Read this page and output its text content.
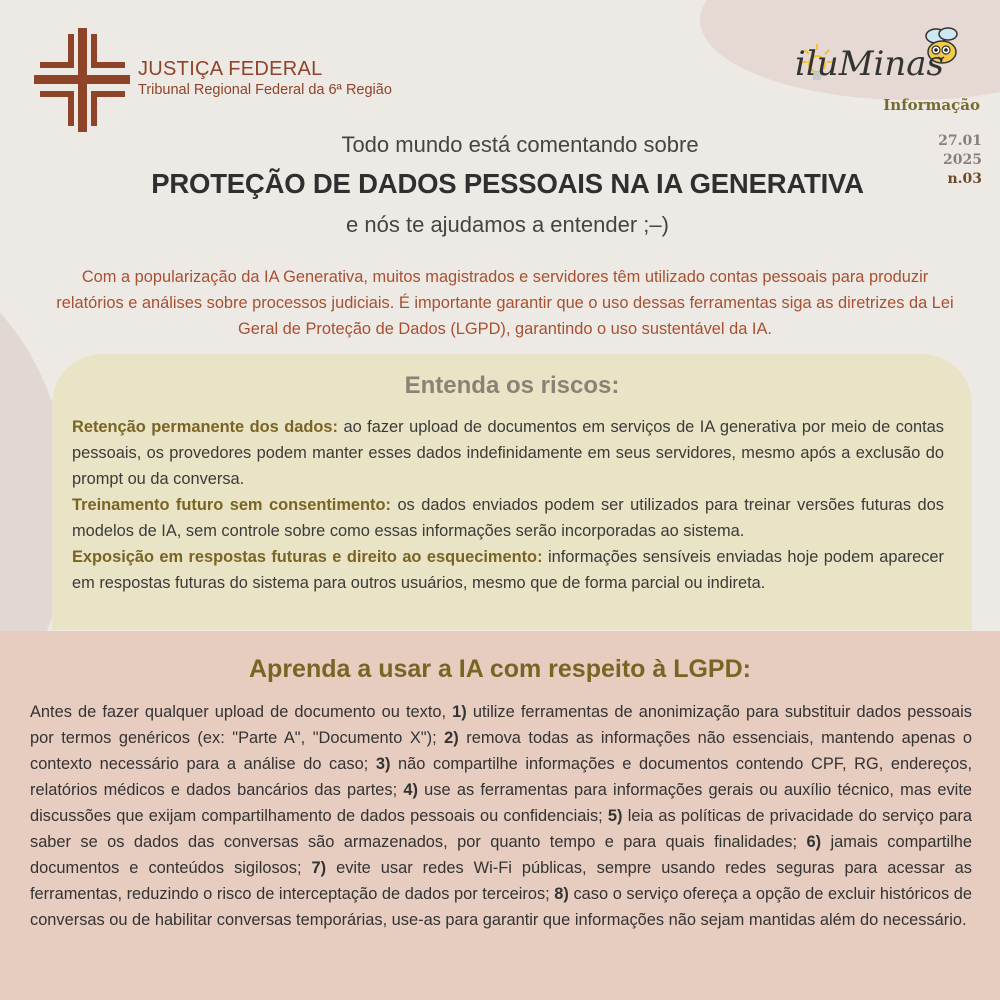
JUSTIÇA FEDERAL
Tribunal Regional Federal da 6ª Região
iluMinas
Informação
27.01
2025
n.03
Todo mundo está comentando sobre
PROTEÇÃO DE DADOS PESSOAIS NA IA GENERATIVA
e nós te ajudamos a entender ;–)
Com a popularização da IA Generativa, muitos magistrados e servidores têm utilizado contas pessoais para produzir relatórios e análises sobre processos judiciais. É importante garantir que o uso dessas ferramentas siga as diretrizes da Lei Geral de Proteção de Dados (LGPD), garantindo o uso sustentável da IA.
Entenda os riscos:
Retenção permanente dos dados: ao fazer upload de documentos em serviços de IA generativa por meio de contas pessoais, os provedores podem manter esses dados indefinidamente em seus servidores, mesmo após a exclusão do prompt ou da conversa.
Treinamento futuro sem consentimento: os dados enviados podem ser utilizados para treinar versões futuras dos modelos de IA, sem controle sobre como essas informações serão incorporadas ao sistema.
Exposição em respostas futuras e direito ao esquecimento: informações sensíveis enviadas hoje podem aparecer em respostas futuras do sistema para outros usuários, mesmo que de forma parcial ou indireta.
Aprenda a usar a IA com respeito à LGPD:
Antes de fazer qualquer upload de documento ou texto, 1) utilize ferramentas de anonimização para substituir dados pessoais por termos genéricos (ex: "Parte A", "Documento X"); 2) remova todas as informações não essenciais, mantendo apenas o contexto necessário para a análise do caso; 3) não compartilhe informações e documentos contendo CPF, RG, endereços, relatórios médicos e dados bancários das partes; 4) use as ferramentas para informações gerais ou auxílio técnico, mas evite discussões que exijam compartilhamento de dados pessoais ou confidenciais; 5) leia as políticas de privacidade do serviço para saber se os dados das conversas são armazenados, por quanto tempo e para quais finalidades; 6) jamais compartilhe documentos e conteúdos sigilosos; 7) evite usar redes Wi-Fi públicas, sempre usando redes seguras para acessar as ferramentas, reduzindo o risco de interceptação de dados por terceiros; 8) caso o serviço ofereça a opção de excluir históricos de conversas ou de habilitar conversas temporárias, use-as para garantir que informações não sejam mantidas além do necessário.
